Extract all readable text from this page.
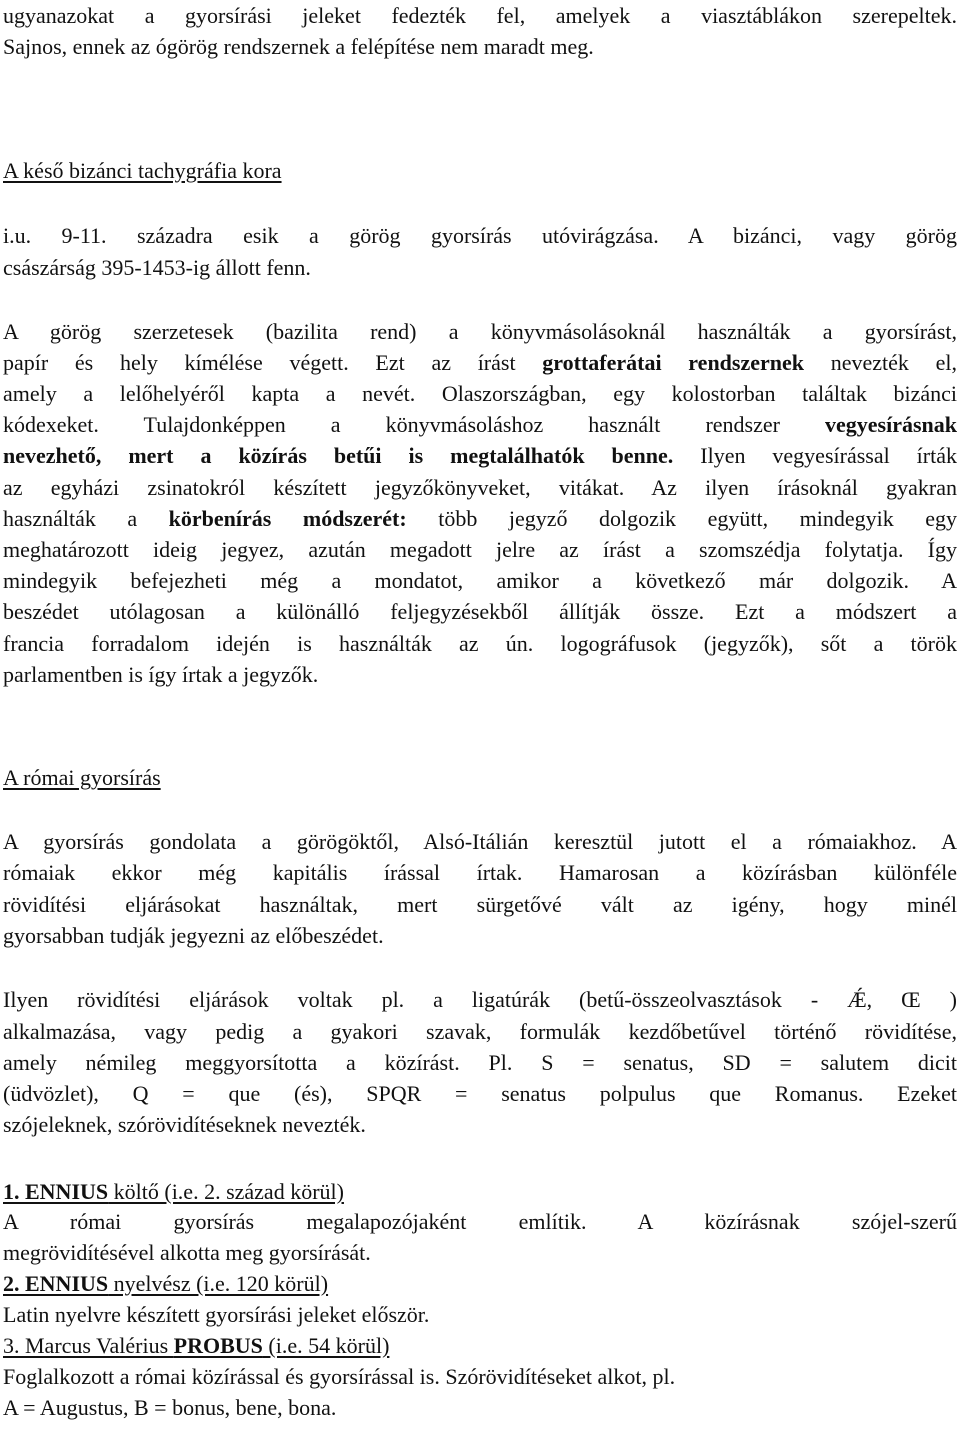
ugyanazokat a gyorsírási jeleket fedezték fel, amelyek a viasztáblákon szerepeltek.
Sajnos, ennek az ógörög rendszernek a felépítése nem maradt meg.
A késő bizánci tachygráfia kora
i.u. 9-11. századra esik a görög gyorsírás utóvirágzása. A bizánci, vagy görög
császárság 395-1453-ig állott fenn.
A görög szerzetesek (bazilita rend) a könyvmásolásoknál használták a gyorsírást,
papír és hely kímélése végett. Ezt az írást grottaferátai rendszernek nevezték el,
amely a lelőhelyéről kapta a nevét. Olaszországban, egy kolostorban találtak bizánci
kódexeket. Tulajdonképpen a könyvmásoláshoz használt rendszer vegyesírásnak
nevezhető, mert a közírás betűi is megtalálhatók benne. Ilyen vegyesírással írták
az egyházi zsinatokról készített jegyzőkönyveket, vitákat. Az ilyen írásoknál gyakran
használták a körbenírás módszerét: több jegyző dolgozik együtt, mindegyik egy
meghatározott ideig jegyez, azután megadott jelre az írást a szomszédja folytatja. Így
mindegyik befejezheti még a mondatot, amikor a következő már dolgozik. A
beszédet utólagosan a különálló feljegyzésekből állítják össze. Ezt a módszert a
francia forradalom idején is használták az ún. logográfusok (jegyzők), sőt a török
parlamentben is így írtak a jegyzők.
A római gyorsírás
A gyorsírás gondolata a görögöktől, Alsó-Itálián keresztül jutott el a rómaiakhoz. A
rómaiak ekkor még kapitális írással írtak. Hamarosan a közírásban különféle
rövidítési eljárásokat használtak, mert sürgetővé vált az igény, hogy minél
gyorsabban tudják jegyezni az előbeszédet.
Ilyen rövidítési eljárások voltak pl. a ligatúrák (betű-összeolvasztások - Ǽ, Œ )
alkalmazása, vagy pedig a gyakori szavak, formulák kezdőbetűvel történő rövidítése,
amely némileg meggyorsította a közírást. Pl. S = senatus, SD = salutem dicit
(üdvözlet), Q = que (és), SPQR = senatus polpulus que Romanus. Ezeket
szójeleknek, szórövidítéseknek nevezték.
1. ENNIUS költő (i.e. 2. század körül)
A római gyorsírás megalapozójaként említik. A közírásnak szójel-szerű
megrövidítésével alkotta meg gyorsírását.
2. ENNIUS nyelvész (i.e. 120 körül)
Latin nyelvre készített gyorsírási jeleket először.
3. Marcus Valérius PROBUS (i.e. 54 körül)
Foglalkozott a római közírással és gyorsírással is. Szórövidítéseket alkot, pl.
A = Augustus, B = bonus, bene, bona.
